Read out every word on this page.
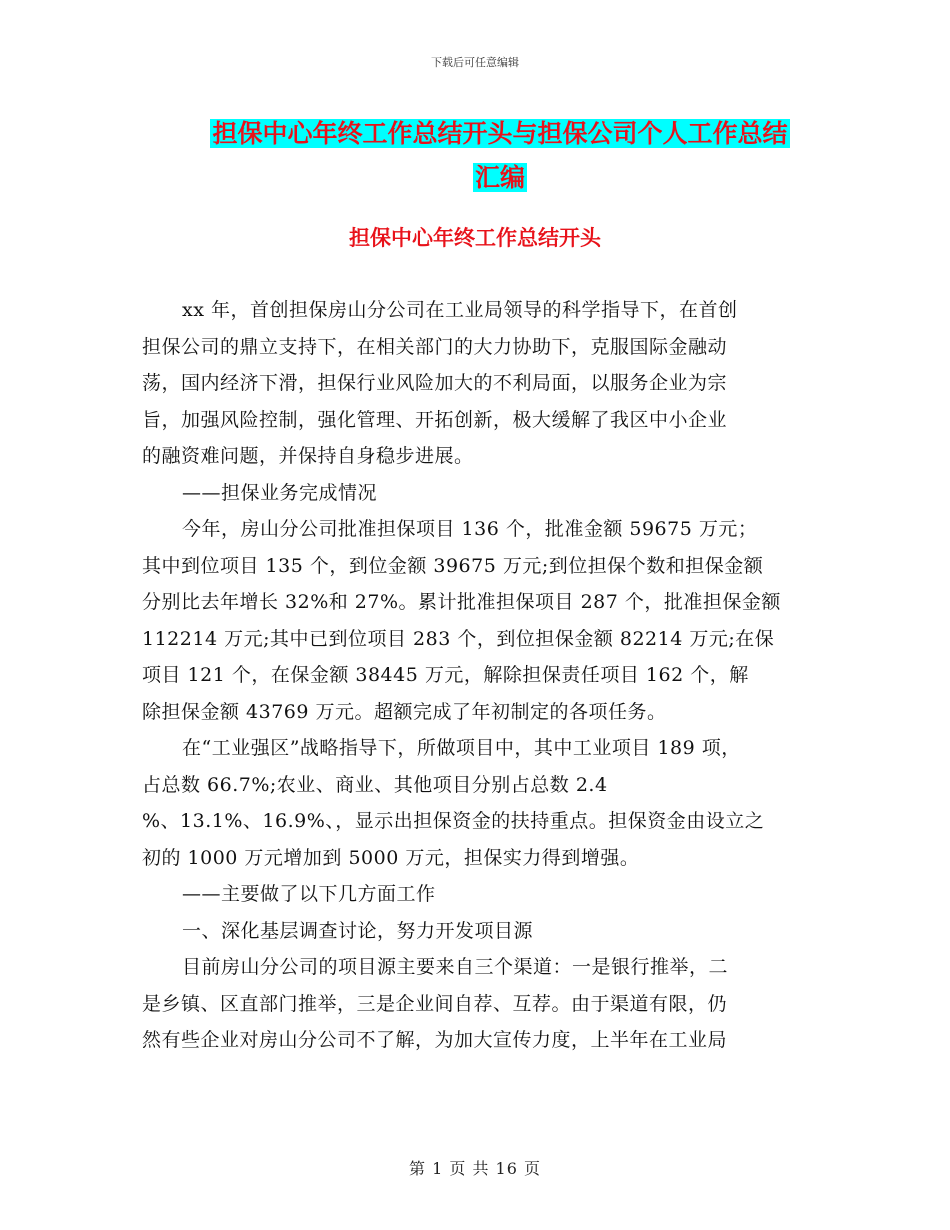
下载后可任意编辑
担保中心年终工作总结开头与担保公司个人工作总结
汇编
担保中心年终工作总结开头

xx 年，首创担保房山分公司在工业局领导的科学指导下，在首创

担保公司的鼎立支持下，在相关部门的大力协助下，克服国际金融动

荡，国内经济下滑，担保行业风险加大的不利局面，以服务企业为宗

旨，加强风险控制，强化管理、开拓创新，极大缓解了我区中小企业

的融资难问题，并保持自身稳步进展。

——担保业务完成情况

今年，房山分公司批准担保项目 136 个，批准金额 59675 万元；

其中到位项目 135 个，到位金额 39675 万元;到位担保个数和担保金额

分别比去年增长 32%和 27%。累计批准担保项目 287 个，批准担保金额

112214 万元;其中已到位项目 283 个，到位担保金额 82214 万元;在保

项目 121 个，在保金额 38445 万元，解除担保责任项目 162 个，解

除担保金额 43769 万元。超额完成了年初制定的各项任务。

在“工业强区”战略指导下，所做项目中，其中工业项目 189 项，

占总数 66.7%;农业、商业、其他项目分别占总数 2.4

%、13.1%、16.9%、，显示出担保资金的扶持重点。担保资金由设立之

初的 1000 万元增加到 5000 万元，担保实力得到增强。

——主要做了以下几方面工作

一、深化基层调查讨论，努力开发项目源

目前房山分公司的项目源主要来自三个渠道：一是银行推举，二

是乡镇、区直部门推举，三是企业间自荐、互荐。由于渠道有限，仍

然有些企业对房山分公司不了解，为加大宣传力度，上半年在工业局

第 1 页 共 16 页
